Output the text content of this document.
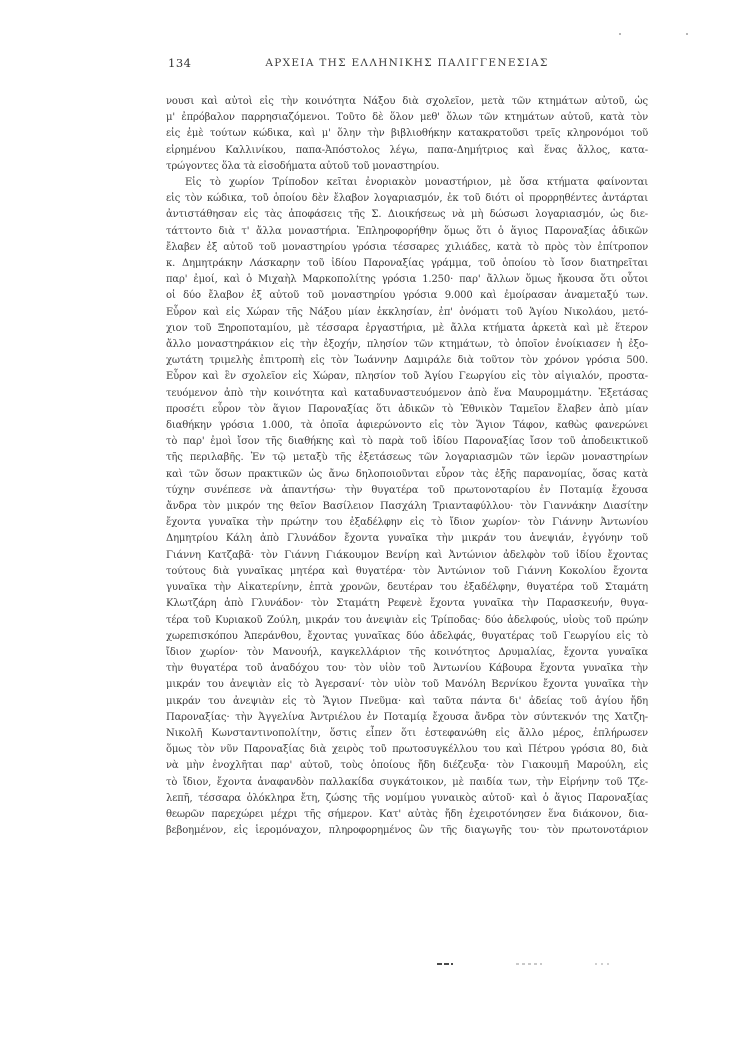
134	ΑΡΧΕΙΑ ΤΗΣ ΕΛΛΗΝΙΚΗΣ ΠΑΛΙΓΓΕΝΕΣΙΑΣ
νουσι καὶ αὐτοὶ εἰς τὴν κοινότητα Νάξου διὰ σχολεῖον, μετὰ τῶν κτημάτων αὐτοῦ, ὡς
μ' ἐπρόβαλον παρρησιαζόμενοι. Τοῦτο δὲ ὅλον μεθ' ὅλων τῶν κτημάτων αὐτοῦ, κατὰ τὸν
εἰς ἐμὲ τούτων κώδικα, καὶ μ' ὅλην τὴν βιβλιοθήκην κατακρατοῦσι τρεῖς κληρονόμοι τοῦ
εἰρημένου Καλλινίκου, παπα-Ἀπόστολος λέγω, παπα-Δημήτριος καὶ ἕνας ἄλλος, κατα-
τρώγοντες ὅλα τὰ εἰσοδήματα αὐτοῦ τοῦ μοναστηρίου.
Εἰς τὸ χωρίον Τρίποδον κεῖται ἐνοριακὸν μοναστήριον, μὲ ὅσα κτήματα φαίνονται
εἰς τὸν κώδικα, τοῦ ὁποίου δὲν ἔλαβον λογαριασμόν, ἐκ τοῦ διότι οἱ προρρηθέντες ἀντάρται
ἀντιστάθησαν εἰς τὰς ἀποφάσεις τῆς Σ. Διοικήσεως νὰ μὴ δώσωσι λογαριασμόν, ὡς διε-
τάττοντο διὰ τ' ἄλλα μοναστήρια. Ἐπληροφορήθην ὅμως ὅτι ὁ ἅγιος Παροναξίας ἀδικῶν
ἔλαβεν ἐξ αὐτοῦ τοῦ μοναστηρίου γρόσια τέσσαρες χιλιάδες, κατὰ τὸ πρὸς τὸν ἐπίτροπον
κ. Δημητράκην Λάσκαρην τοῦ ἰδίου Παροναξίας γράμμα, τοῦ ὁποίου τὸ ἴσον διατηρεῖται
παρ' ἐμοί, καὶ ὁ Μιχαὴλ Μαρκοπολίτης γρόσια 1.250· παρ' ἄλλων ὅμως ἤκουσα ὅτι οὗτοι
οἱ δύο ἔλαβον ἐξ αὐτοῦ τοῦ μοναστηρίου γρόσια 9.000 καὶ ἐμοίρασαν ἀναμεταξύ των.
Εὗρον καὶ εἰς Χώραν τῆς Νάξου μίαν ἐκκλησίαν, ἐπ' ὀνόματι τοῦ Ἁγίου Νικολάου, μετό-
χιον τοῦ Ξηροποταμίου, μὲ τέσσαρα ἐργαστήρια, μὲ ἄλλα κτήματα ἀρκετὰ καὶ μὲ ἕτερον
ἄλλο μοναστηράκιον εἰς τὴν ἐξοχήν, πλησίον τῶν κτημάτων, τὸ ὁποῖον ἐνοίκιασεν ἡ ἐξο-
χωτάτη τριμελὴς ἐπιτροπὴ εἰς τὸν Ἰωάννην Δαμιράλε διὰ τοῦτον τὸν χρόνον γρόσια 500.
Εὗρον καὶ ἓν σχολεῖον εἰς Χώραν, πλησίον τοῦ Ἁγίου Γεωργίου εἰς τὸν αἰγιαλόν, προστα-
τευόμενον ἀπὸ τὴν κοινότητα καὶ καταδυναστευόμενον ἀπὸ ἕνα Μαυρομμάτην. Ἐξετάσας
προσέτι εὗρον τὸν ἅγιον Παροναξίας ὅτι ἀδικῶν τὸ Ἐθνικὸν Ταμεῖον ἔλαβεν ἀπὸ μίαν
διαθήκην γρόσια 1.000, τὰ ὁποῖα ἀφιερώνοντο εἰς τὸν Ἅγιον Τάφον, καθὼς φανερώνει
τὸ παρ' ἐμοὶ ἴσον τῆς διαθήκης καὶ τὸ παρὰ τοῦ ἰδίου Παροναξίας ἴσον τοῦ ἀποδεικτικοῦ
τῆς περιλαβῆς. Ἐν τῷ μεταξὺ τῆς ἐξετάσεως τῶν λογαριασμῶν τῶν ἱερῶν μοναστηρίων
καὶ τῶν ὅσων πρακτικῶν ὡς ἄνω δηλοποιοῦνται εὗρον τὰς ἑξῆς παρανομίας, ὅσας κατὰ
τύχην συνέπεσε νὰ ἀπαντήσω· τὴν θυγατέρα τοῦ πρωτονοταρίου ἐν Ποταμίᾳ ἔχουσα
ἄνδρα τὸν μικρόν της θεῖον Βασίλειον Πασχάλη Τριανταφύλλου· τὸν Γιαννάκην Διασίτην
ἔχοντα γυναῖκα τὴν πρώτην του ἐξαδέλφην εἰς τὸ ἴδιον χωρίον· τὸν Γιάννην Ἀντωνίου
Δημητρίου Κάλη ἀπὸ Γλυνάδον ἔχοντα γυναῖκα τὴν μικράν του ἀνεψιάν, ἐγγόνην τοῦ
Γιάννη Κατζαβᾶ· τὸν Γιάννη Γιάκουμον Βενίρη καὶ Ἀντώνιον ἀδελφὸν τοῦ ἰδίου ἔχοντας
τούτους διὰ γυναῖκας μητέρα καὶ θυγατέρα· τὸν Ἀντώνιον τοῦ Γιάννη Κοκολίου ἔχοντα
γυναῖκα τὴν Αἰκατερίνην, ἑπτὰ χρονῶν, δευτέραν του ἐξαδέλφην, θυγατέρα τοῦ Σταμάτη
Κλωτζάρη ἀπὸ Γλυνάδον· τὸν Σταμάτη Ρεφενὲ ἔχοντα γυναῖκα τὴν Παρασκευήν, θυγα-
τέρα τοῦ Κυριακοῦ Ζούλη, μικράν του ἀνεψιὰν εἰς Τρίποδας· δύο ἀδελφούς, υἱοὺς τοῦ πρώην
χωρεπισκόπου Ἀπεράνθου, ἔχοντας γυναῖκας δύο ἀδελφάς, θυγατέρας τοῦ Γεωργίου εἰς τὸ
ἴδιον χωρίον· τὸν Μανουήλ, καγκελλάριον τῆς κοινότητος Δρυμαλίας, ἔχοντα γυναῖκα
τὴν θυγατέρα τοῦ ἀναδόχου του· τὸν υἱὸν τοῦ Ἀντωνίου Κάβουρα ἔχοντα γυναῖκα τὴν
μικράν του ἀνεψιὰν εἰς τὸ Ἀγερσανί· τὸν υἱὸν τοῦ Μανόλη Βερνίκου ἔχοντα γυναῖκα τὴν
μικράν του ἀνεψιὰν εἰς τὸ Ἅγιον Πνεῦμα· καὶ ταῦτα πάντα δι' ἀδείας τοῦ ἁγίου ἤδη
Παροναξίας· τὴν Ἀγγελίνα Ἀντριέλου ἐν Ποταμίᾳ ἔχουσα ἄνδρα τὸν σύντεκνόν της Χατζη-
Νικολῆ Κωνσταντινοπολίτην, ὅστις εἶπεν ὅτι ἐστεφανώθη εἰς ἄλλο μέρος, ἐπλήρωσεν
ὅμως τὸν νῦν Παροναξίας διὰ χειρὸς τοῦ πρωτοσυγκέλλου του καὶ Πέτρου γρόσια 80, διὰ
νὰ μὴν ἐνοχλῆται παρ' αὐτοῦ, τοὺς ὁποίους ἤδη διέζευξα· τὸν Γιακουμῆ Μαρούλη, εἰς
τὸ ἴδιον, ἔχοντα ἀναφανδὸν παλλακίδα συγκάτοικον, μὲ παιδία των, τὴν Εἰρήνην τοῦ Τζε-
λεπῆ, τέσσαρα ὁλόκληρα ἔτη, ζώσης τῆς νομίμου γυναικὸς αὐτοῦ· καὶ ὁ ἅγιος Παροναξίας
θεωρῶν παρεχώρει μέχρι τῆς σήμερον. Κατ' αὐτὰς ἤδη ἐχειροτόνησεν ἕνα διάκονον, δια-
βεβοημένον, εἰς ἱερομόναχον, πληροφορημένος ὢν τῆς διαγωγῆς του· τὸν πρωτονοτάριον
